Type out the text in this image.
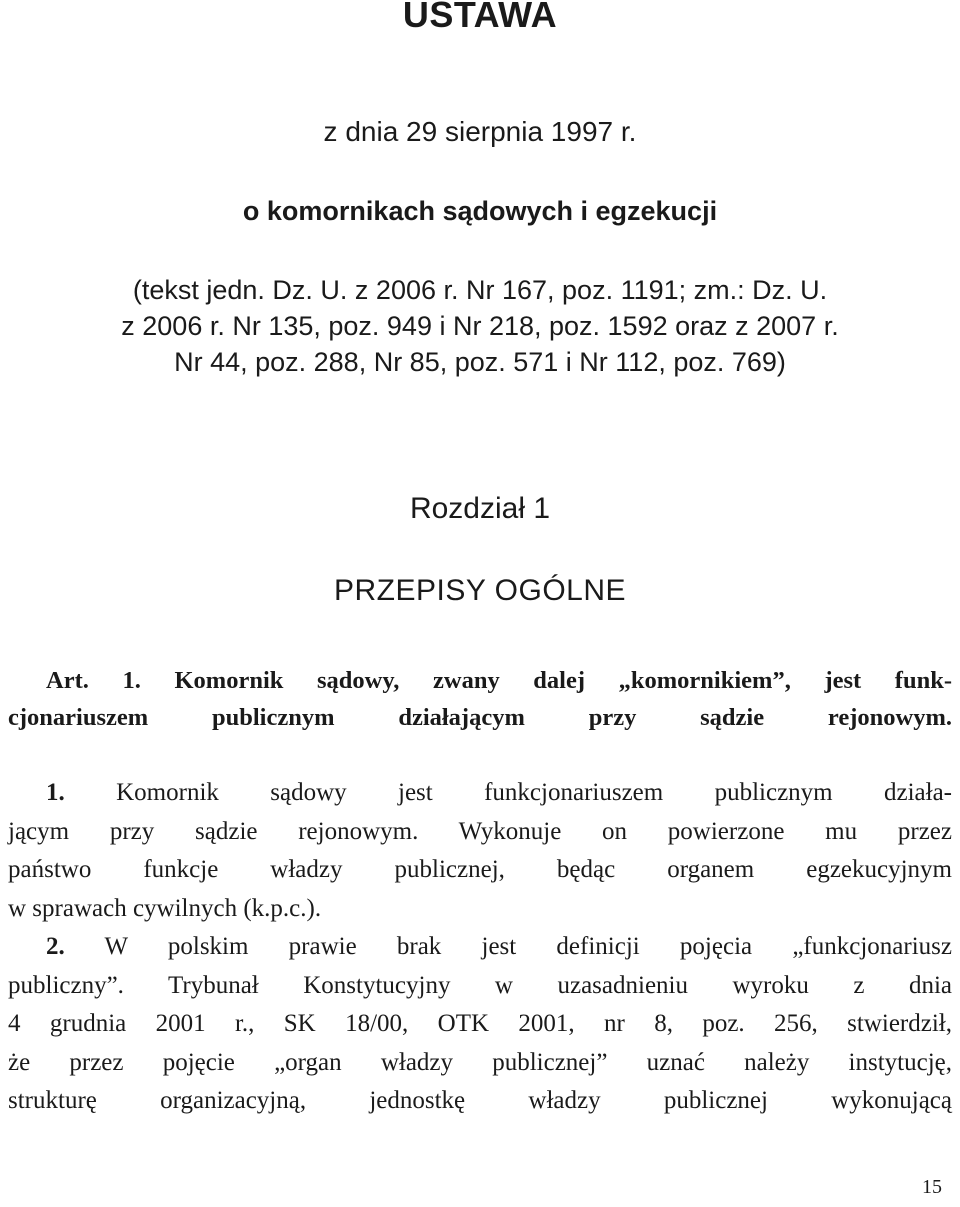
USTAWA
z dnia 29 sierpnia 1997 r.
o komornikach sądowych i egzekucji
(tekst jedn. Dz. U. z 2006 r. Nr 167, poz. 1191; zm.: Dz. U.
z 2006 r. Nr 135, poz. 949 i Nr 218, poz. 1592 oraz z 2007 r.
Nr 44, poz. 288, Nr 85, poz. 571 i Nr 112, poz. 769)
Rozdział 1
PRZEPISY OGÓLNE
Art. 1. Komornik sądowy, zwany dalej „komornikiem”, jest funk-
cjonariuszem publicznym działającym przy sądzie rejonowym.
1. Komornik sądowy jest funkcjonariuszem publicznym działa-
jącym przy sądzie rejonowym. Wykonuje on powierzone mu przez
państwo funkcje władzy publicznej, będąc organem egzekucyjnym
w sprawach cywilnych (k.p.c.).
2. W polskim prawie brak jest definicji pojęcia „funkcjonariusz
publiczny”. Trybunał Konstytucyjny w uzasadnieniu wyroku z dnia
4 grudnia 2001 r., SK 18/00, OTK 2001, nr 8, poz. 256, stwierdził,
że przez pojęcie „organ władzy publicznej” uznać należy instytucję,
strukturę organizacyjną, jednostkę władzy publicznej wykonującą
15
